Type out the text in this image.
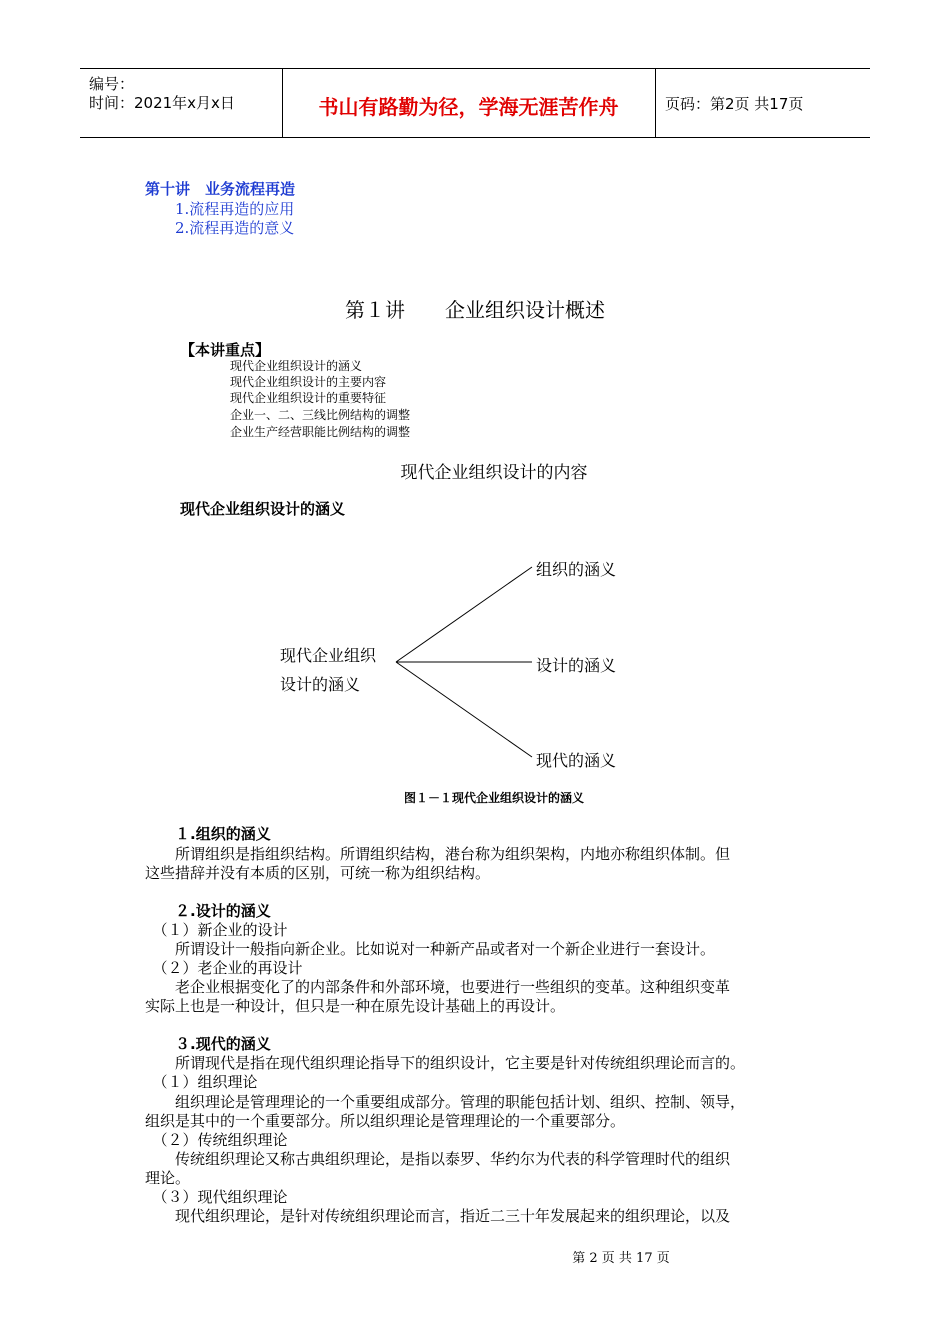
编号：
时间：2021年x月x日	书山有路勤为径，学海无涯苦作舟	页码：第2页 共17页
第十讲　业务流程再造
1.流程再造的应用
2.流程再造的意义
第１讲　　企业组织设计概述
【本讲重点】
现代企业组织设计的涵义
现代企业组织设计的主要内容
现代企业组织设计的重要特征
企业一、二、三线比例结构的调整
企业生产经营职能比例结构的调整
现代企业组织设计的内容
现代企业组织设计的涵义
现代企业组织
设计的涵义
组织的涵义
设计的涵义
现代的涵义
图１－１现代企业组织设计的涵义
１.组织的涵义
　　所谓组织是指组织结构。所谓组织结构，港台称为组织架构，内地亦称组织体制。但
这些措辞并没有本质的区别，可统一称为组织结构。
２.设计的涵义
　（１）新企业的设计
　　所谓设计一般指向新企业。比如说对一种新产品或者对一个新企业进行一套设计。
　（２）老企业的再设计
　　老企业根据变化了的内部条件和外部环境，也要进行一些组织的变革。这种组织变革
实际上也是一种设计，但只是一种在原先设计基础上的再设计。
３.现代的涵义
　　所谓现代是指在现代组织理论指导下的组织设计，它主要是针对传统组织理论而言的。
　（１）组织理论
　　组织理论是管理理论的一个重要组成部分。管理的职能包括计划、组织、控制、领导，
组织是其中的一个重要部分。所以组织理论是管理理论的一个重要部分。
　（２）传统组织理论
　　传统组织理论又称古典组织理论，是指以泰罗、华约尔为代表的科学管理时代的组织
理论。
　（３）现代组织理论
　　现代组织理论，是针对传统组织理论而言，指近二三十年发展起来的组织理论，以及
第 2 页 共 17 页
